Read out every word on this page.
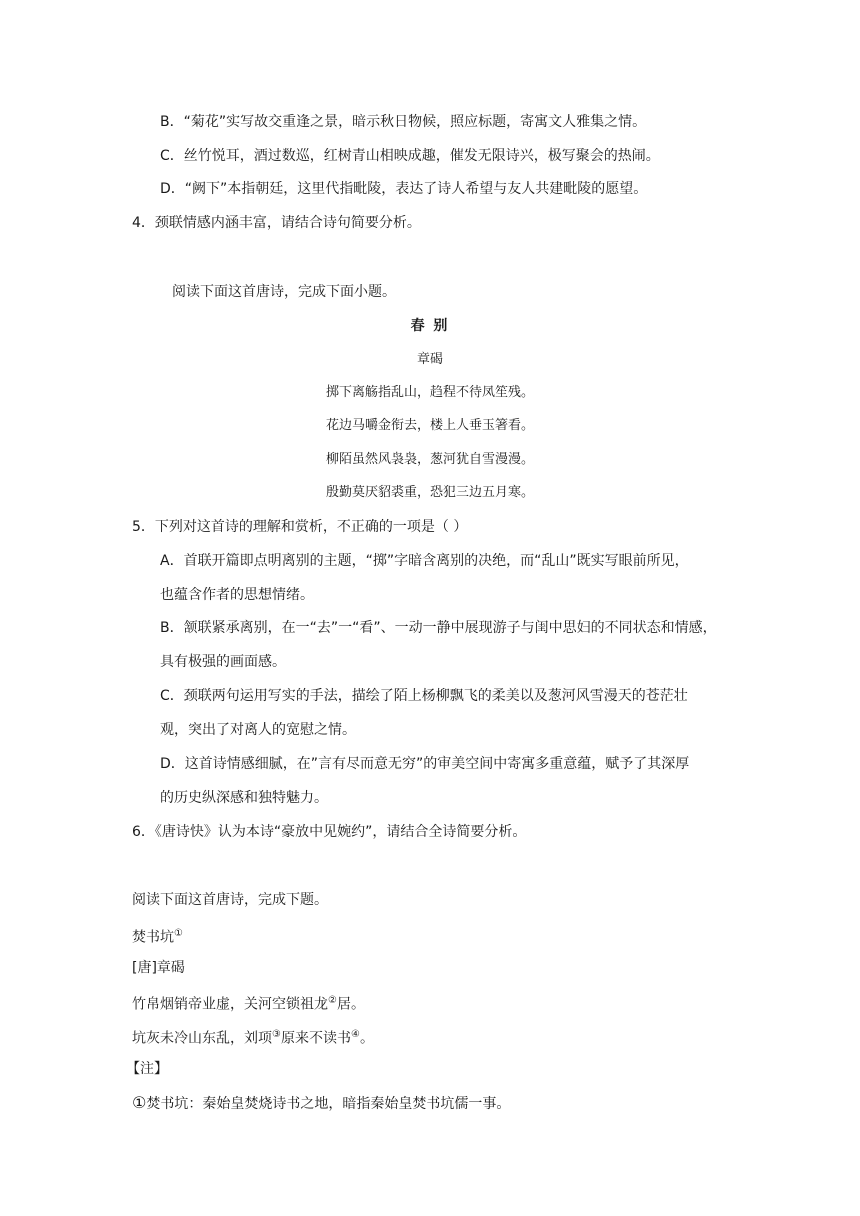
B．“菊花”实写故交重逢之景，暗示秋日物候，照应标题，寄寓文人雅集之情。
C．丝竹悦耳，酒过数巡，红树青山相映成趣，催发无限诗兴，极写聚会的热闹。
D．“阙下”本指朝廷，这里代指毗陵，表达了诗人希望与友人共建毗陵的愿望。
4．颈联情感内涵丰富，请结合诗句简要分析。
阅读下面这首唐诗，完成下面小题。
春 别
章碣
掷下离觞指乱山，趋程不待凤笙残。
花边马嚼金衔去，楼上人垂玉箸看。
柳陌虽然风袅袅，葱河犹自雪漫漫。
殷勤莫厌貂裘重，恐犯三边五月寒。
5．下列对这首诗的理解和赏析，不正确的一项是（ ）
A．首联开篇即点明离别的主题，“掷”字暗含离别的决绝，而“乱山”既实写眼前所见，
也蕴含作者的思想情绪。
B．颔联紧承离别，在一“去”一“看”、一动一静中展现游子与闺中思妇的不同状态和情感，
具有极强的画面感。
C．颈联两句运用写实的手法，描绘了陌上杨柳飘飞的柔美以及葱河风雪漫天的苍茫壮
观，突出了对离人的宽慰之情。
D．这首诗情感细腻，在”言有尽而意无穷”的审美空间中寄寓多重意蕴，赋予了其深厚
的历史纵深感和独特魅力。
6．《唐诗快》认为本诗“豪放中见婉约”，请结合全诗简要分析。
阅读下面这首唐诗，完成下题。
焚书坑①
[唐]章碣
竹帛烟销帝业虚，关河空锁祖龙②居。
坑灰未冷山东乱，刘项③原来不读书④。
【注】
①焚书坑：秦始皇焚烧诗书之地，暗指秦始皇焚书坑儒一事。
